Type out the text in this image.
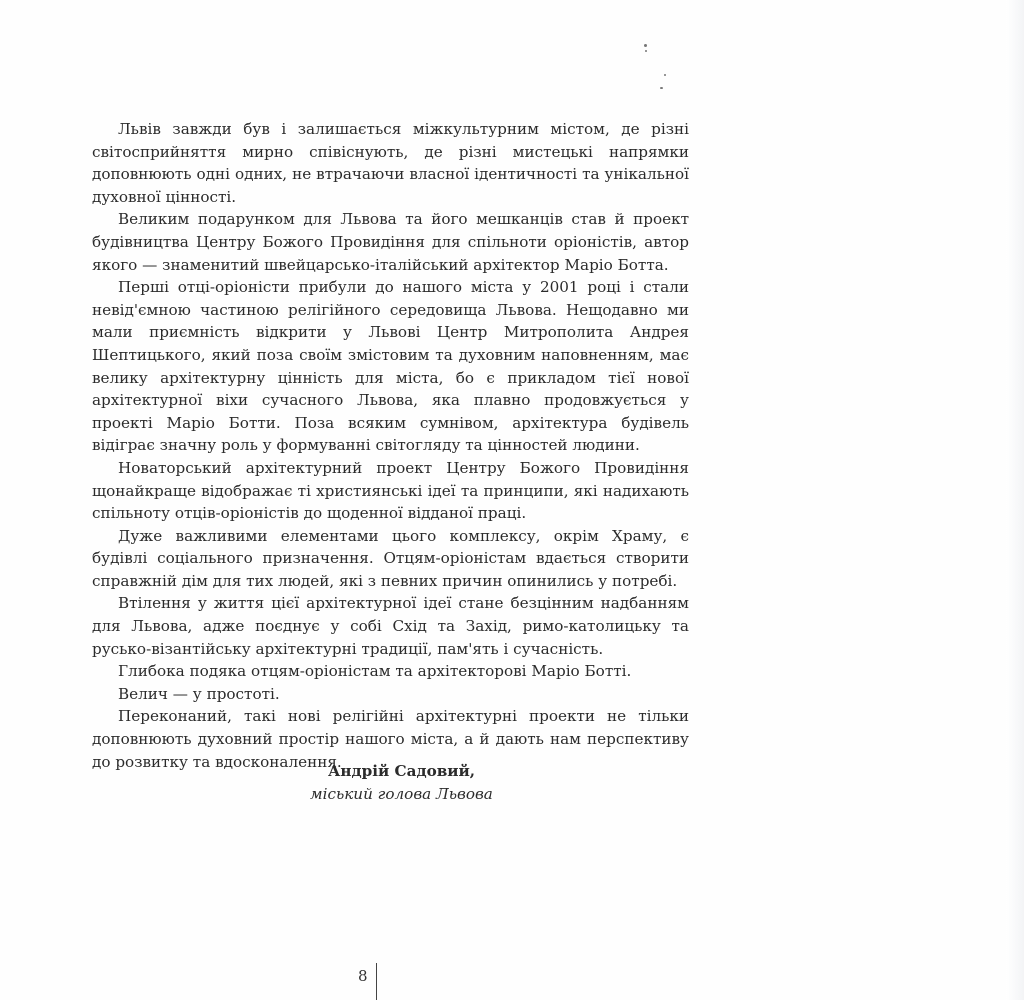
Львів завжди був і залишається міжкультурним містом, де різні світосприйняття мирно співіснують, де різні мистецькі напрямки доповнюють одні одних, не втрачаючи власної ідентичності та унікальної духовної цінності.

Великим подарунком для Львова та його мешканців став й проект будівництва Центру Божого Провидіння для спільноти оріоністів, автор якого — знаменитий швейцарсько-італійський архітектор Маріо Ботта.

Перші отці-оріоністи прибули до нашого міста у 2001 році і стали невід'ємною частиною релігійного середовища Львова. Нещодавно ми мали приємність відкрити у Львові Центр Митрополита Андрея Шептицького, який поза своїм змістовим та духовним наповненням, має велику архітектурну цінність для міста, бо є прикладом тієї нової архітектурної віхи сучасного Львова, яка плавно продовжується у проекті Маріо Ботти. Поза всяким сумнівом, архітектура будівель відіграє значну роль у формуванні світогляду та цінностей людини.

Новаторський архітектурний проект Центру Божого Провидіння щонайкраще відображає ті християнські ідеї та принципи, які надихають спільноту отців-оріоністів до щоденної відданої праці.

Дуже важливими елементами цього комплексу, окрім Храму, є будівлі соціального призначення. Отцям-оріоністам вдається створити справжній дім для тих людей, які з певних причин опинились у потребі.

Втілення у життя цієї архітектурної ідеї стане безцінним надбанням для Львова, адже поєднує у собі Схід та Захід, римо-католицьку та русько-візантійську архітектурні традиції, пам'ять і сучасність.

Глибока подяка отцям-оріоністам та архітекторові Маріо Ботті.

Велич — у простоті.

Переконаний, такі нові релігійні архітектурні проекти не тільки доповнюють духовний простір нашого міста, а й дають нам перспективу до розвитку та вдосконалення.

Андрій Садовий,
міський голова Львова
8
